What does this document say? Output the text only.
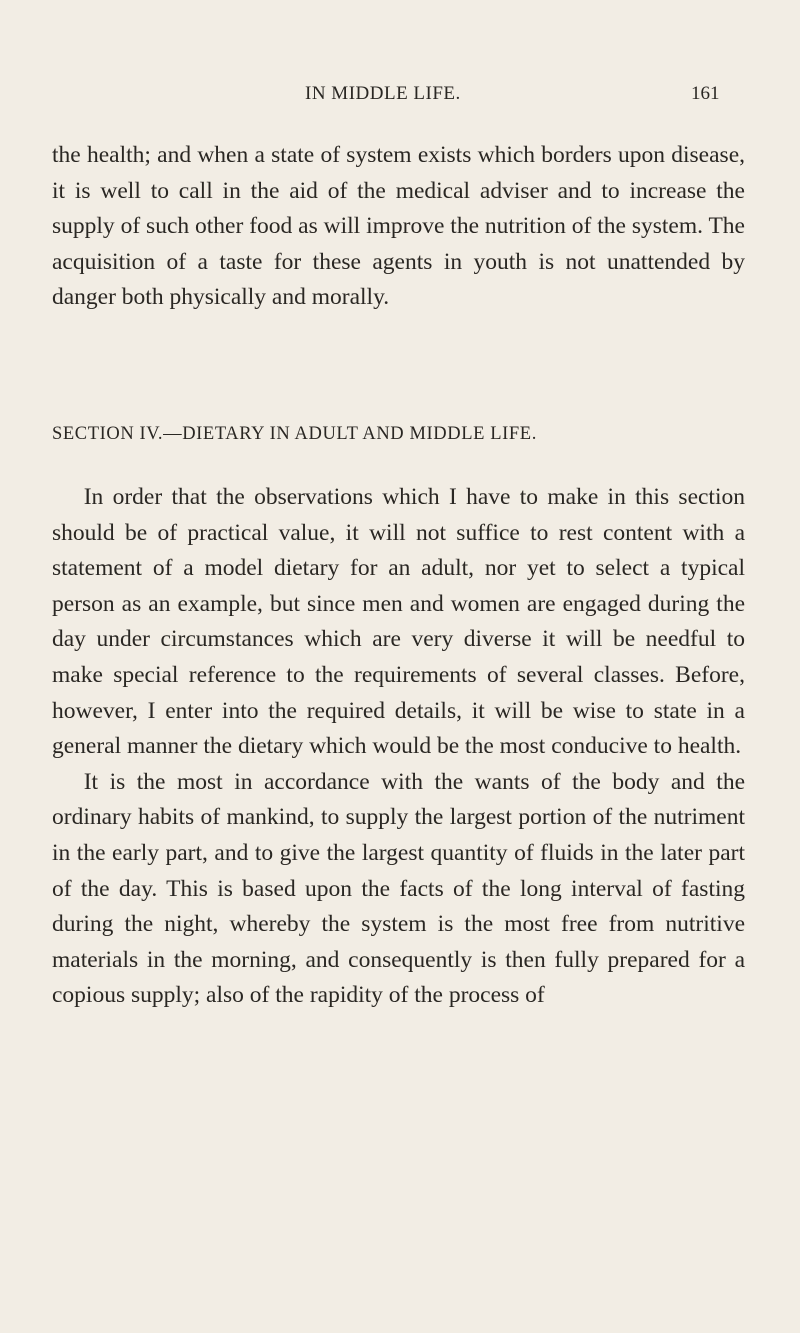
IN MIDDLE LIFE.	161

the health; and when a state of system exists which borders upon disease, it is well to call in the aid of the medical adviser and to increase the supply of such other food as will improve the nutrition of the system. The acquisition of a taste for these agents in youth is not unattended by danger both physically and morally.

SECTION IV.—DIETARY IN ADULT AND MIDDLE LIFE.

In order that the observations which I have to make in this section should be of practical value, it will not suffice to rest content with a statement of a model dietary for an adult, nor yet to select a typical person as an example, but since men and women are engaged during the day under circumstances which are very diverse it will be needful to make special reference to the requirements of several classes. Before, however, I enter into the required details, it will be wise to state in a general manner the dietary which would be the most conducive to health.

It is the most in accordance with the wants of the body and the ordinary habits of mankind, to supply the largest portion of the nutriment in the early part, and to give the largest quantity of fluids in the later part of the day. This is based upon the facts of the long interval of fasting during the night, whereby the system is the most free from nutritive materials in the morning, and consequently is then fully prepared for a copious supply; also of the rapidity of the process of
